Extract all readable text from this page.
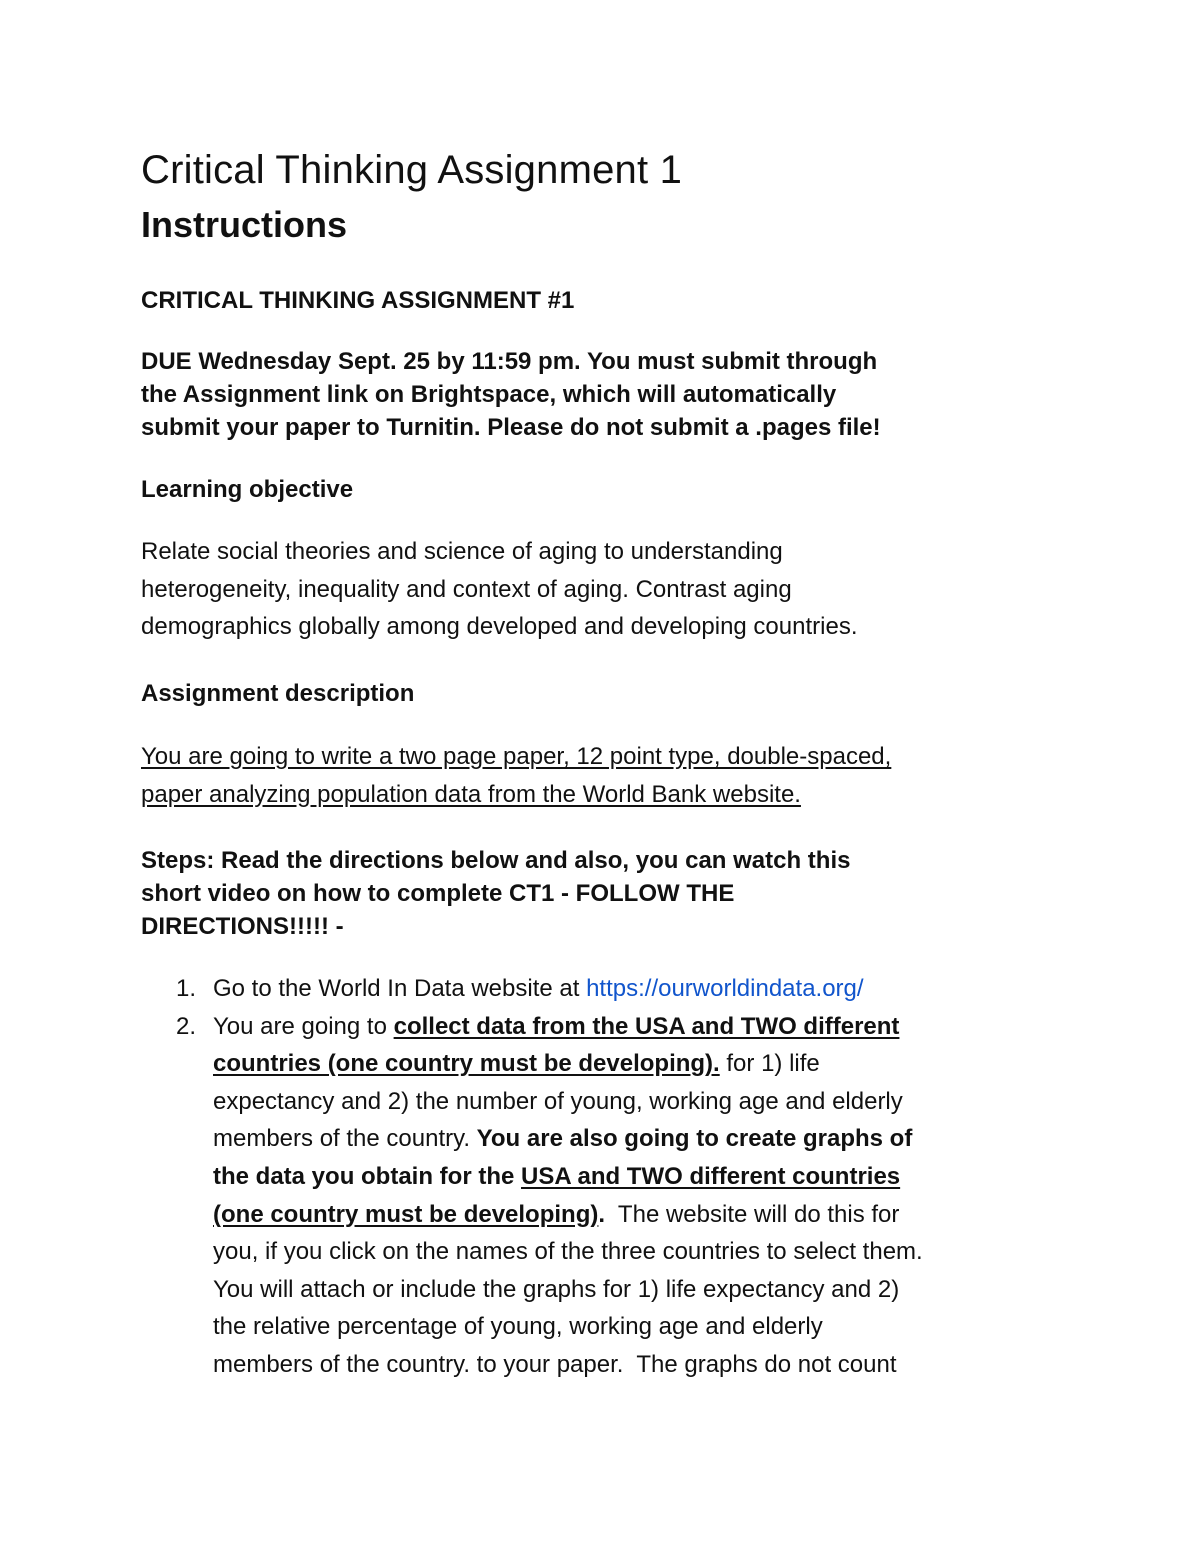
Critical Thinking Assignment 1
Instructions
CRITICAL THINKING ASSIGNMENT #1
DUE Wednesday Sept. 25 by 11:59 pm. You must submit through
the Assignment link on Brightspace, which will automatically
submit your paper to Turnitin. Please do not submit a .pages file!
Learning objective
Relate social theories and science of aging to understanding
heterogeneity, inequality and context of aging. Contrast aging
demographics globally among developed and developing countries.
Assignment description
You are going to write a two page paper, 12 point type, double-spaced,
paper analyzing population data from the World Bank website.
Steps: Read the directions below and also, you can watch this
short video on how to complete CT1 - FOLLOW THE
DIRECTIONS!!!!! -
1. Go to the World In Data website at https://ourworldindata.org/
2. You are going to collect data from the USA and TWO different
countries (one country must be developing). for 1) life
expectancy and 2) the number of young, working age and elderly
members of the country. You are also going to create graphs of
the data you obtain for the USA and TWO different countries
(one country must be developing).  The website will do this for
you, if you click on the names of the three countries to select them.
You will attach or include the graphs for 1) life expectancy and 2)
the relative percentage of young, working age and elderly
members of the country. to your paper.  The graphs do not count
